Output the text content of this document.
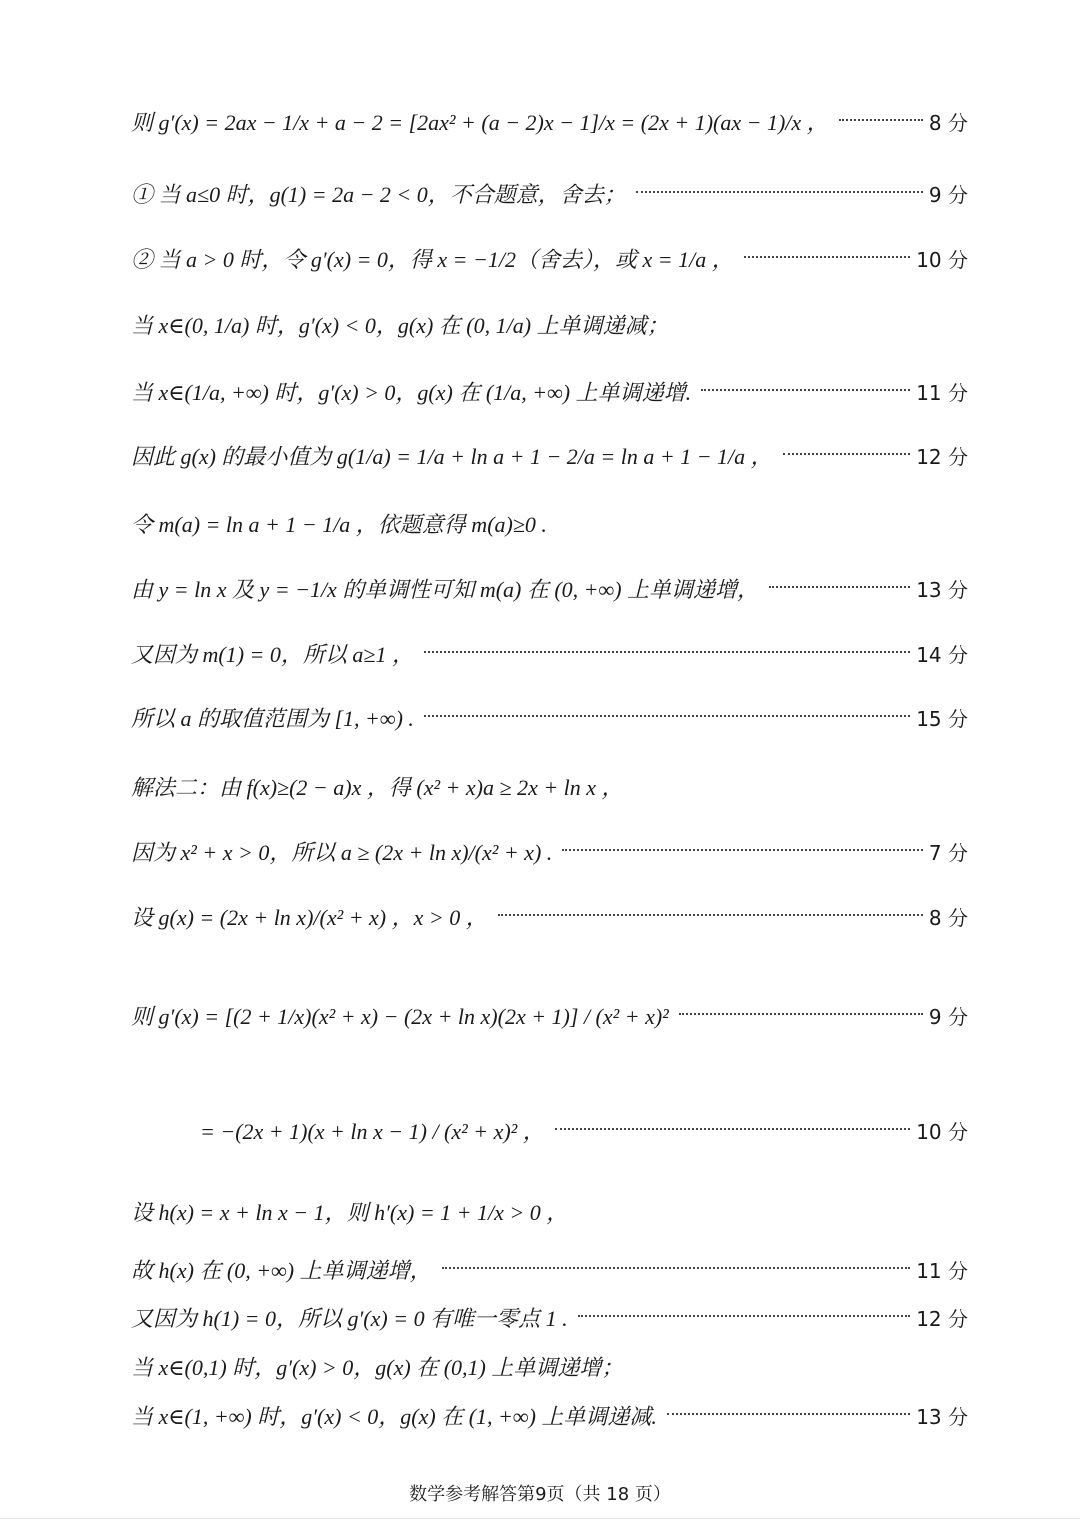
则 g′(x) = 2ax − 1/x + a − 2 = [2ax² + (a − 2)x − 1]/x = (2x + 1)(ax − 1)/x ，	8 分
① 当 a≤0 时，g(1) = 2a − 2 < 0，不合题意，舍去；	9 分
② 当 a > 0 时，令 g′(x) = 0，得 x = −1/2（舍去），或 x = 1/a ，	10 分
当 x∈(0, 1/a) 时，g′(x) < 0，g(x) 在 (0, 1/a) 上单调递减；
当 x∈(1/a, +∞) 时，g′(x) > 0，g(x) 在 (1/a, +∞) 上单调递增.	11 分
因此 g(x) 的最小值为 g(1/a) = 1/a + ln a + 1 − 2/a = ln a + 1 − 1/a ，	12 分
令 m(a) = ln a + 1 − 1/a ，依题意得 m(a)≥0 .
由 y = ln x 及 y = −1/x 的单调性可知 m(a) 在 (0, +∞) 上单调递增，	13 分
又因为 m(1) = 0，所以 a≥1 ，	14 分
所以 a 的取值范围为 [1, +∞) .	15 分
解法二：由 f(x)≥(2 − a)x ，得 (x² + x)a ≥ 2x + ln x ，
因为 x² + x > 0，所以 a ≥ (2x + ln x)/(x² + x) .	7 分
设 g(x) = (2x + ln x)/(x² + x) ，x > 0 ，	8 分
则 g′(x) = [(2 + 1/x)(x² + x) − (2x + ln x)(2x + 1)] / (x² + x)²	9 分
= −(2x + 1)(x + ln x − 1) / (x² + x)² ，	10 分
设 h(x) = x + ln x − 1，则 h′(x) = 1 + 1/x > 0 ，
故 h(x) 在 (0, +∞) 上单调递增，	11 分
又因为 h(1) = 0，所以 g′(x) = 0 有唯一零点 1 .	12 分
当 x∈(0,1) 时，g′(x) > 0，g(x) 在 (0,1) 上单调递增；
当 x∈(1, +∞) 时，g′(x) < 0，g(x) 在 (1, +∞) 上单调递减.	13 分
数学参考解答第9页（共 18 页）
